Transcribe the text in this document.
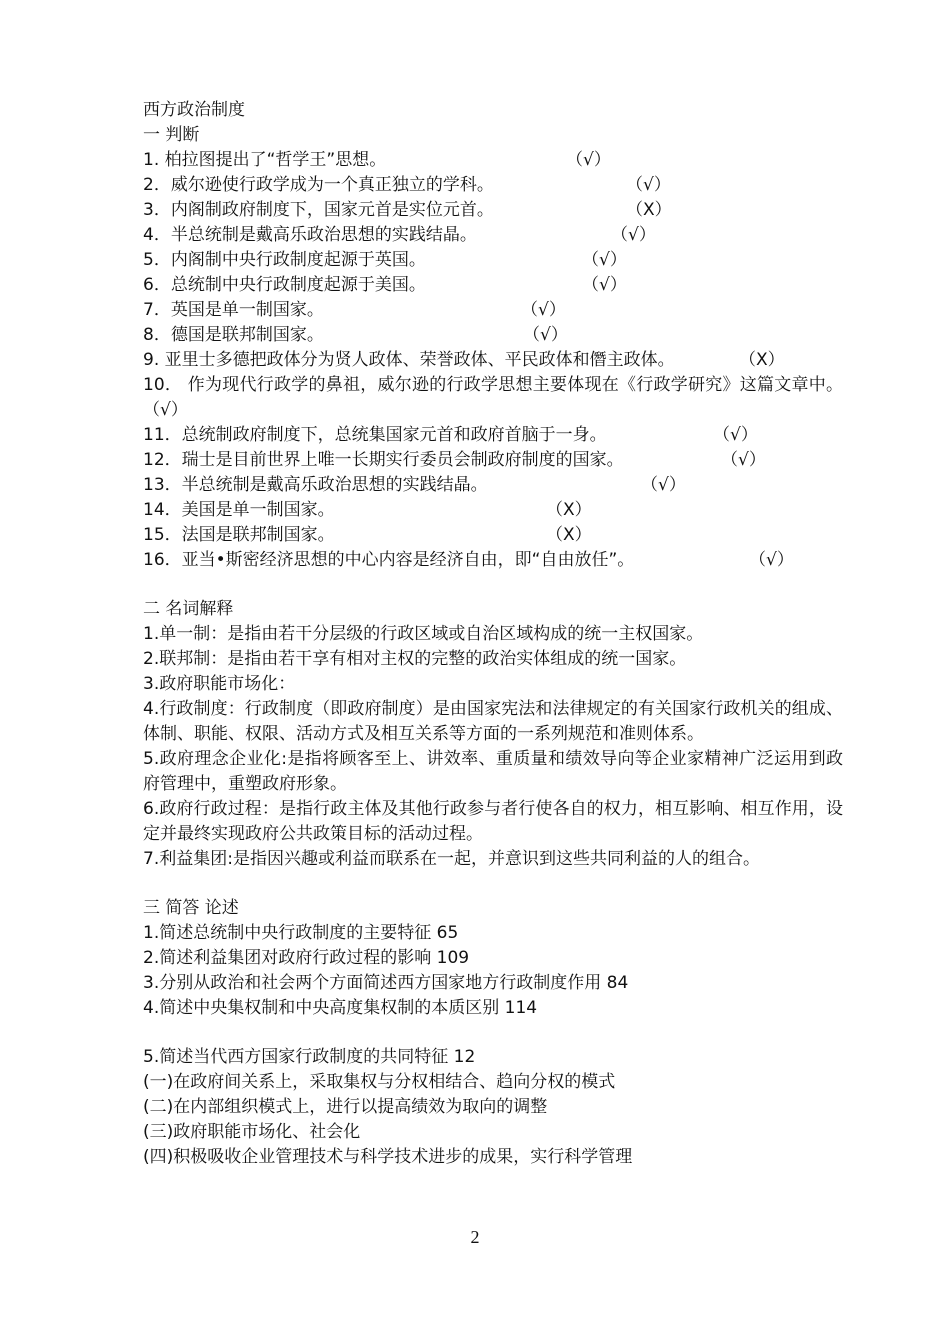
西方政治制度
一 判断
1. 柏拉图提出了“哲学王”思想。	（√）
2．威尔逊使行政学成为一个真正独立的学科。	（√）
3．内阁制政府制度下，国家元首是实位元首。	（X）
4．半总统制是戴高乐政治思想的实践结晶。	（√）
5．内阁制中央行政制度起源于英国。	（√）
6．总统制中央行政制度起源于美国。	（√）
7．英国是单一制国家。	（√）
8．德国是联邦制国家。	（√）
9. 亚里士多德把政体分为贤人政体、荣誉政体、平民政体和僭主政体。	（X）
10． 作为现代行政学的鼻祖，威尔逊的行政学思想主要体现在《行政学研究》这篇文章中。（√）
11．总统制政府制度下，总统集国家元首和政府首脑于一身。	（√）
12．瑞士是目前世界上唯一长期实行委员会制政府制度的国家。	（√）
13．半总统制是戴高乐政治思想的实践结晶。	（√）
14．美国是单一制国家。	（X）
15．法国是联邦制国家。	（X）
16．亚当•斯密经济思想的中心内容是经济自由，即“自由放任”。	（√）
二 名词解释
1.单一制：是指由若干分层级的行政区域或自治区域构成的统一主权国家。
2.联邦制：是指由若干享有相对主权的完整的政治实体组成的统一国家。
3.政府职能市场化：
4.行政制度：行政制度（即政府制度）是由国家宪法和法律规定的有关国家行政机关的组成、体制、职能、权限、活动方式及相互关系等方面的一系列规范和准则体系。
5.政府理念企业化:是指将顾客至上、讲效率、重质量和绩效导向等企业家精神广泛运用到政府管理中，重塑政府形象。
6.政府行政过程：是指行政主体及其他行政参与者行使各自的权力，相互影响、相互作用，设定并最终实现政府公共政策目标的活动过程。
7.利益集团:是指因兴趣或利益而联系在一起，并意识到这些共同利益的人的组合。
三 简答 论述
1.简述总统制中央行政制度的主要特征 65
2.简述利益集团对政府行政过程的影响 109
3.分别从政治和社会两个方面简述西方国家地方行政制度作用 84
4.简述中央集权制和中央高度集权制的本质区别 114
5.简述当代西方国家行政制度的共同特征 12
(一)在政府间关系上，采取集权与分权相结合、趋向分权的模式
(二)在内部组织模式上，进行以提高绩效为取向的调整
(三)政府职能市场化、社会化
(四)积极吸收企业管理技术与科学技术进步的成果，实行科学管理
2
